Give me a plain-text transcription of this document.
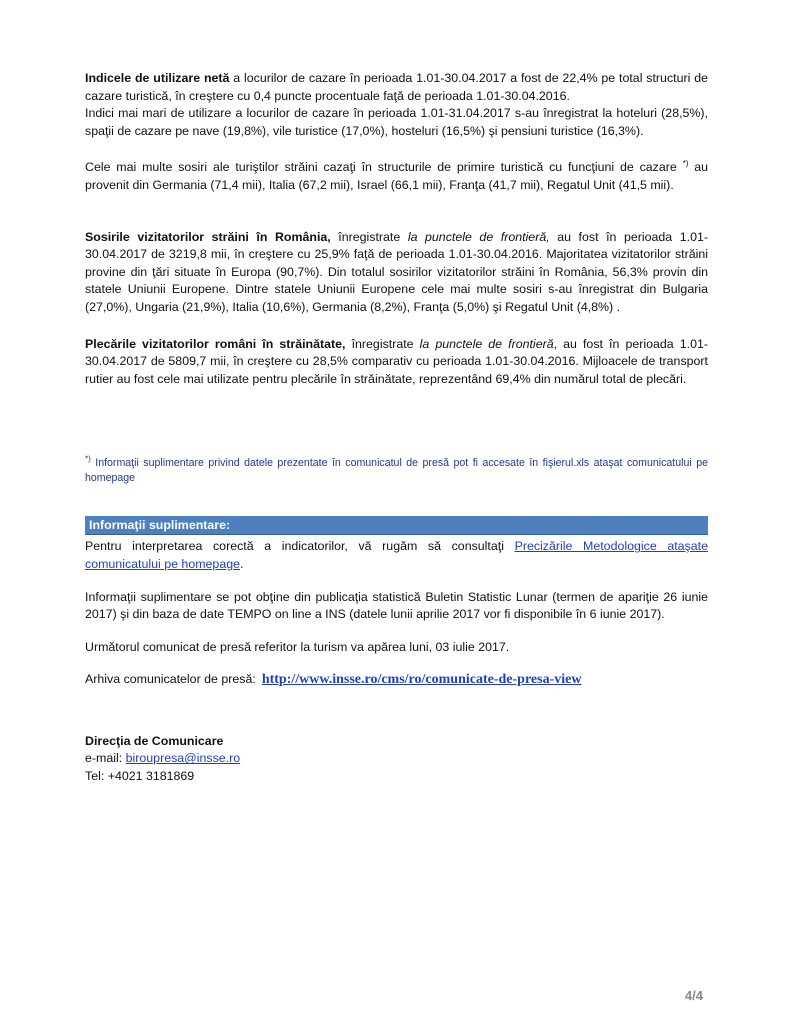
Indicele de utilizare netă a locurilor de cazare în perioada 1.01-30.04.2017 a fost de 22,4% pe total structuri de cazare turistică, în creştere cu 0,4 puncte procentuale faţă de perioada 1.01-30.04.2016.

Indici mai mari de utilizare a locurilor de cazare în perioada 1.01-31.04.2017 s-au înregistrat la hoteluri (28,5%), spaţii de cazare pe nave (19,8%), vile turistice (17,0%), hosteluri (16,5%) şi pensiuni turistice (16,3%).

Cele mai multe sosiri ale turiştilor străini cazaţi în structurile de primire turistică cu funcţiuni de cazare *) au provenit din Germania (71,4 mii), Italia (67,2 mii), Israel (66,1 mii), Franţa (41,7 mii), Regatul Unit (41,5 mii).

Sosirile vizitatorilor străini în România, înregistrate la punctele de frontieră, au fost în perioada 1.01-30.04.2017 de 3219,8 mii, în creştere cu 25,9% faţă de perioada 1.01-30.04.2016. Majoritatea vizitatorilor străini provine din ţări situate în Europa (90,7%). Din totalul sosirilor vizitatorilor străini în România, 56,3% provin din statele Uniunii Europene. Dintre statele Uniunii Europene cele mai multe sosiri s-au înregistrat din Bulgaria (27,0%), Ungaria (21,9%), Italia (10,6%), Germania (8,2%), Franţa (5,0%) şi Regatul Unit (4,8%) .

Plecările vizitatorilor români în străinătate, înregistrate la punctele de frontieră, au fost în perioada 1.01-30.04.2017 de 5809,7 mii, în creştere cu 28,5% comparativ cu perioada 1.01-30.04.2016. Mijloacele de transport rutier au fost cele mai utilizate pentru plecările în străinătate, reprezentând 69,4% din numărul total de plecări.

*) Informaţii suplimentare privind datele prezentate în comunicatul de presă pot fi accesate în fişierul.xls ataşat comunicatului pe homepage

Informaţii suplimentare:

Pentru interpretarea corectă a indicatorilor, vă rugăm să consultaţi Precizările Metodologice ataşate comunicatului pe homepage.

Informaţii suplimentare se pot obţine din publicaţia statistică Buletin Statistic Lunar (termen de apariţie 26 iunie 2017) şi din baza de date TEMPO on line a INS (datele lunii aprilie 2017 vor fi disponibile în 6 iunie 2017).

Următorul comunicat de presă referitor la turism va apărea luni, 03 iulie 2017.

Arhiva comunicatelor de presă: http://www.insse.ro/cms/ro/comunicate-de-presa-view

Direcţia de Comunicare

e-mail: biroupresa@insse.ro

Tel: +4021 3181869

4/4
